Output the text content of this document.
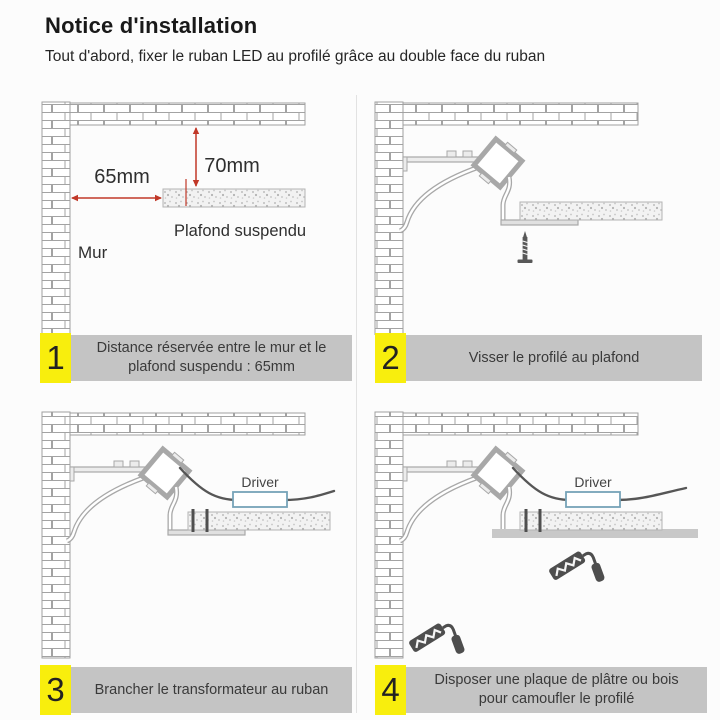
Notice d'installation

Tout d'abord, fixer le ruban LED au profilé grâce au double face du ruban

65mm	70mm
Plafond suspendu
Mur
Driver	Driver
1	Distance réservée entre le mur et le plafond suspendu : 65mm	2	Visser le profilé au plafond
3	Brancher le transformateur au ruban	4	Disposer une plaque de plâtre ou bois pour camoufler le profilé
